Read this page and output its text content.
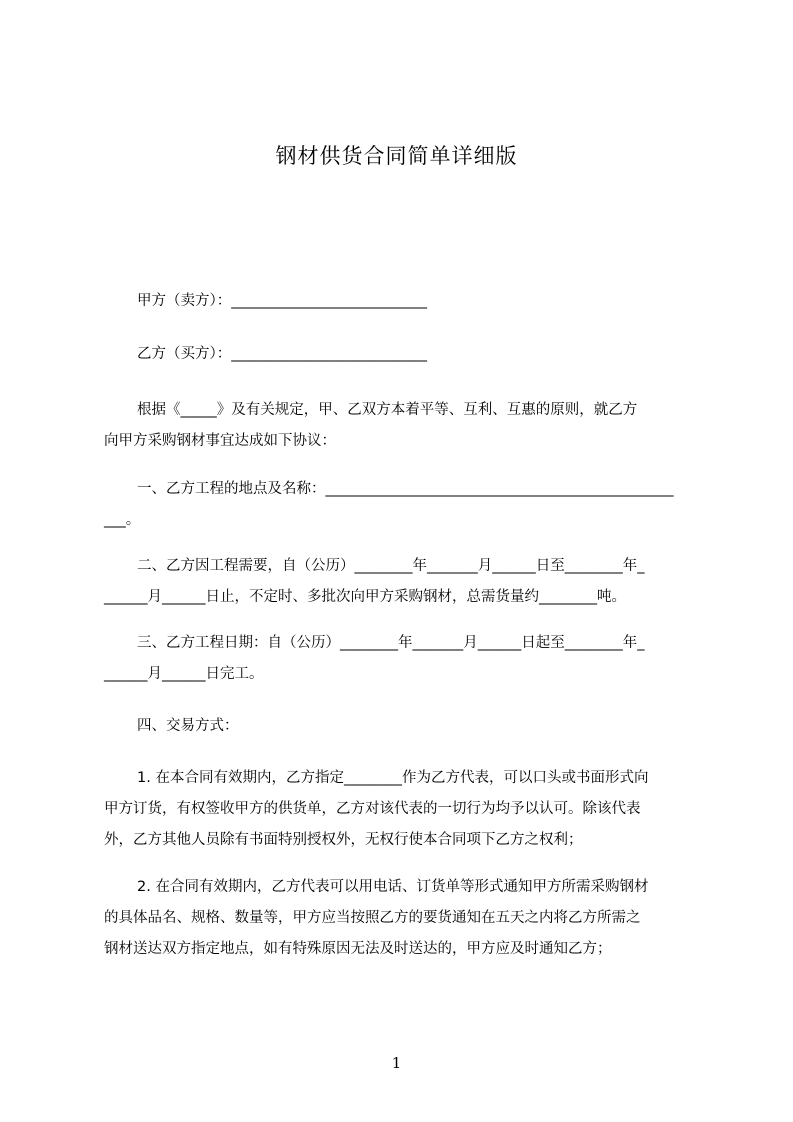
钢材供货合同简单详细版
甲方（卖方）：___________________________
乙方（买方）：___________________________
根据《_____》及有关规定，甲、乙双方本着平等、互利、互惠的原则，就乙方
向甲方采购钢材事宜达成如下协议：
一、乙方工程的地点及名称：________________________________________________
___。
二、乙方因工程需要，自（公历）________年_______月______日至________年_
______月______日止，不定时、多批次向甲方采购钢材，总需货量约________吨。
三、乙方工程日期：自（公历）________年_______月______日起至________年_
______月______日完工。
四、交易方式：
1. 在本合同有效期内，乙方指定________作为乙方代表，可以口头或书面形式向
甲方订货，有权签收甲方的供货单，乙方对该代表的一切行为均予以认可。除该代表
外，乙方其他人员除有书面特别授权外，无权行使本合同项下乙方之权利；
2. 在合同有效期内，乙方代表可以用电话、订货单等形式通知甲方所需采购钢材
的具体品名、规格、数量等，甲方应当按照乙方的要货通知在五天之内将乙方所需之
钢材送达双方指定地点，如有特殊原因无法及时送达的，甲方应及时通知乙方；
1
